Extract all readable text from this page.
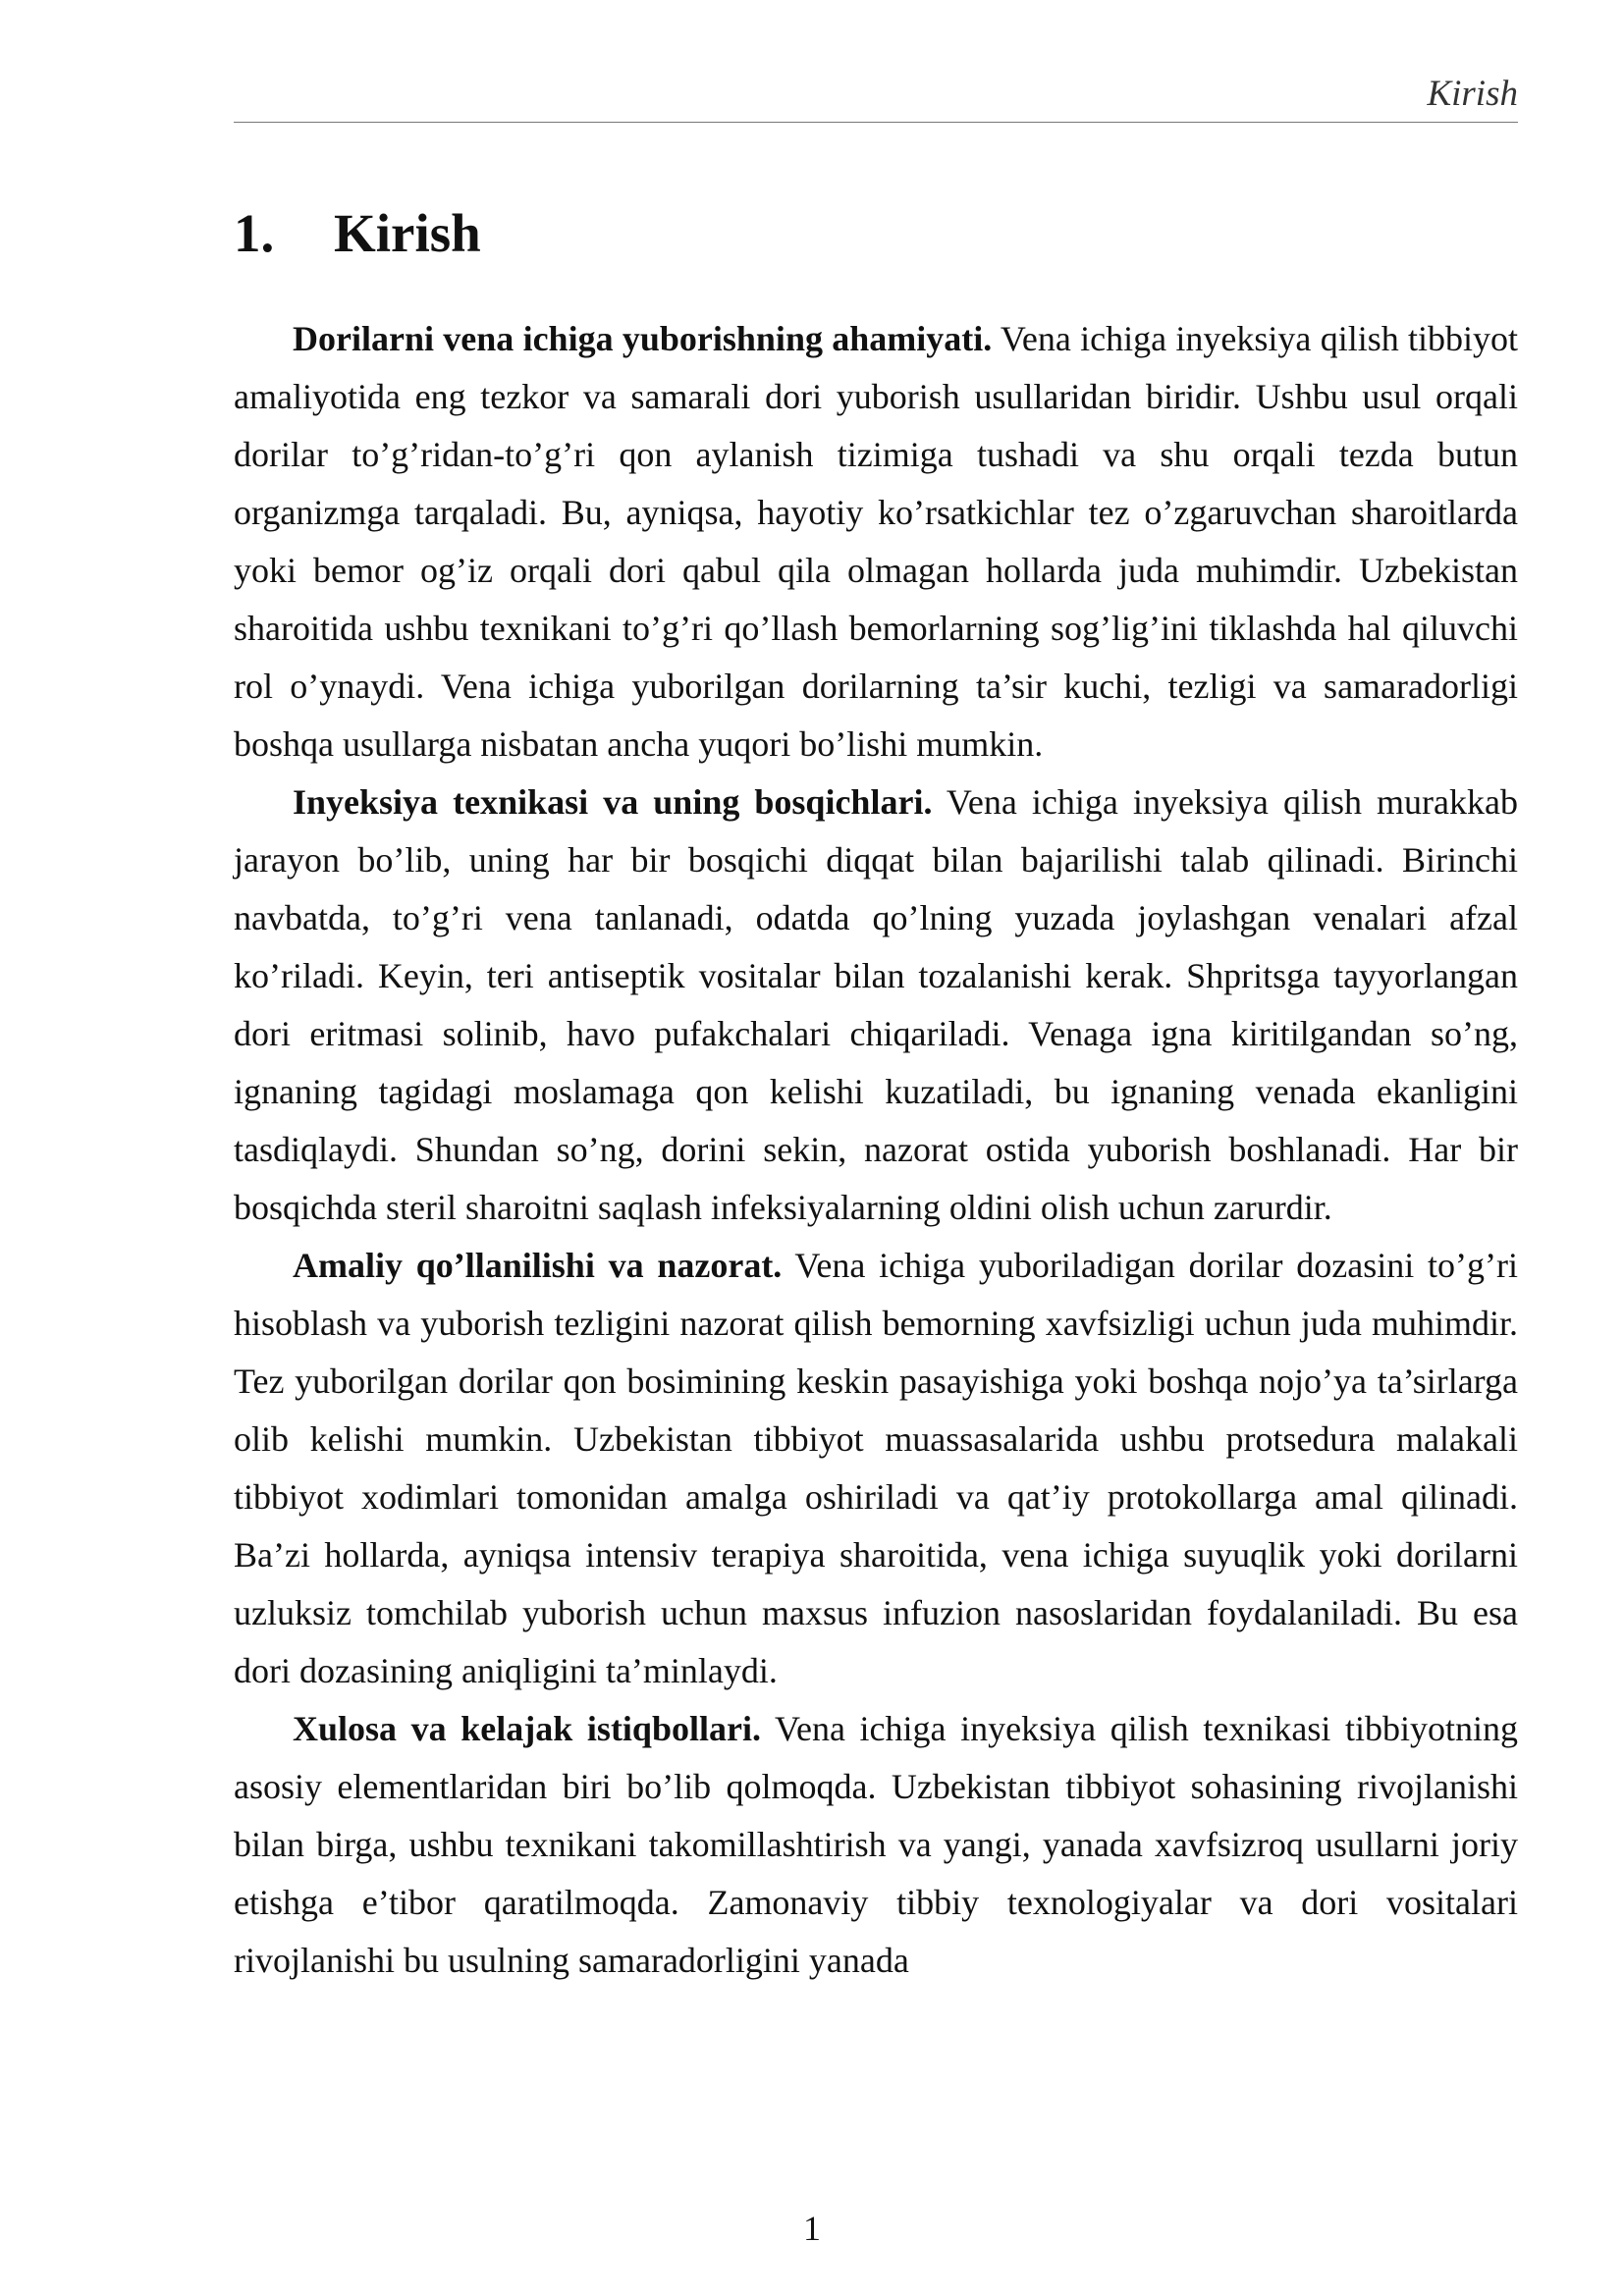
Kirish
1. Kirish

Dorilarni vena ichiga yuborishning ahamiyati. Vena ichiga inyeksiya qilish tibbiyot amaliyotida eng tezkor va samarali dori yuborish usullaridan biridir. Ushbu usul orqali dorilar to’g’ridan-to’g’ri qon aylanish tizimiga tushadi va shu orqali tezda butun organizmga tarqaladi. Bu, ayniqsa, hayotiy ko’rsatkichlar tez o’zgaruvchan sharoitlarda yoki bemor og’iz orqali dori qabul qila olmagan hollarda juda muhimdir. Uzbekistan sharoitida ushbu texnikani to’g’ri qo’llash bemorlarning sog’lig’ini tiklashda hal qiluvchi rol o’ynaydi. Vena ichiga yuborilgan dorilarning ta’sir kuchi, tezligi va samaradorligi boshqa usullarga nisbatan ancha yuqori bo’lishi mumkin.

Inyeksiya texnikasi va uning bosqichlari. Vena ichiga inyeksiya qilish murakkab jarayon bo’lib, uning har bir bosqichi diqqat bilan bajarilishi talab qilinadi. Birinchi navbatda, to’g’ri vena tanlanadi, odatda qo’lning yuzada joylashgan venalari afzal ko’riladi. Keyin, teri antiseptik vositalar bilan tozalanishi kerak. Shpritsga tayyorlangan dori eritmasi solinib, havo pufakchalari chiqariladi. Venaga igna kiritilgandan so’ng, ignaning tagidagi moslamaga qon kelishi kuzatiladi, bu ignaning venada ekanligini tasdiqlaydi. Shundan so’ng, dorini sekin, nazorat ostida yuborish boshlanadi. Har bir bosqichda steril sharoitni saqlash infeksiyalarning oldini olish uchun zarurdir.

Amaliy qo’llanilishi va nazorat. Vena ichiga yuboriladigan dorilar dozasini to’g’ri hisoblash va yuborish tezligini nazorat qilish bemorning xavfsizligi uchun juda muhimdir. Tez yuborilgan dorilar qon bosimining keskin pasayishiga yoki boshqa nojo’ya ta’sirlarga olib kelishi mumkin. Uzbekistan tibbiyot muassasalarida ushbu protsedura malakali tibbiyot xodimlari tomonidan amalga oshiriladi va qat’iy protokollarga amal qilinadi. Ba’zi hollarda, ayniqsa intensiv terapiya sharoitida, vena ichiga suyuqlik yoki dorilarni uzluksiz tomchilab yuborish uchun maxsus infuzion nasoslaridan foydalaniladi. Bu esa dori dozasining aniqligini ta’minlaydi.

Xulosa va kelajak istiqbollari. Vena ichiga inyeksiya qilish texnikasi tibbiyotning asosiy elementlaridan biri bo’lib qolmoqda. Uzbekistan tibbiyot sohasining rivojlanishi bilan birga, ushbu texnikani takomillashtirish va yangi, yanada xavfsizroq usullarni joriy etishga e’tibor qaratilmoqda. Zamonaviy tibbiy texnologiyalar va dori vositalari rivojlanishi bu usulning samaradorligini yanada

1
